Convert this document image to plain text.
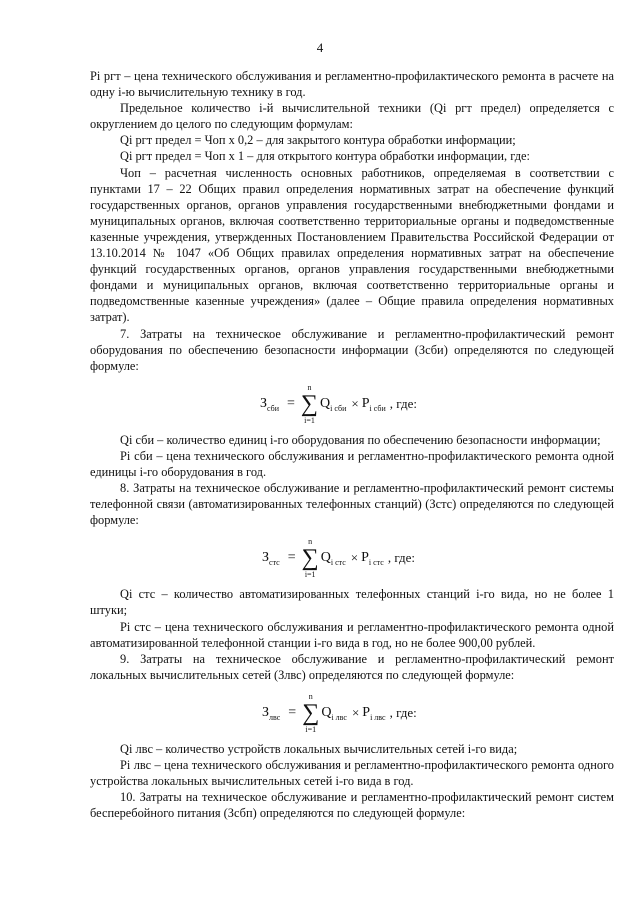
4

Pi ргт – цена технического обслуживания и регламентно-профилактического ремонта в расчете на одну i-ю вычислительную технику в год.

Предельное количество i-й вычислительной техники (Qi ргт предел) определяется с округлением до целого по следующим формулам:

Qi ргт предел = Чоп х 0,2 – для закрытого контура обработки информации;

Qi ргт предел = Чоп х 1 – для открытого контура обработки информации, где:

Чоп – расчетная численность основных работников, определяемая в соответствии с пунктами 17 – 22 Общих правил определения нормативных затрат на обеспечение функций государственных органов, органов управления государственными внебюджетными фондами и муниципальных органов, включая соответственно территориальные органы и подведомственные казенные учреждения, утвержденных Постановлением Правительства Российской Федерации от 13.10.2014 № 1047 «Об Общих правилах определения нормативных затрат на обеспечение функций государственных органов, органов управления государственными внебюджетными фондами и муниципальных органов, включая соответственно территориальные органы и подведомственные казенные учреждения» (далее – Общие правила определения нормативных затрат).

7. Затраты на техническое обслуживание и регламентно-профилактический ремонт оборудования по обеспечению безопасности информации (Зсби) определяются по следующей формуле:

З сби =
n
∑
i=1
Q i сби × P i сби , где:

Qi сби – количество единиц i-го оборудования по обеспечению безопасности информации;

Pi сби – цена технического обслуживания и регламентно-профилактического ремонта одной единицы i-го оборудования в год.

8. Затраты на техническое обслуживание и регламентно-профилактический ремонт системы телефонной связи (автоматизированных телефонных станций) (Зстс) определяются по следующей формуле:

З стс =
n
∑
i=1
Q i стс × P i стс , где:

Qi стс – количество автоматизированных телефонных станций i-го вида, но не более 1 штуки;

Pi стс – цена технического обслуживания и регламентно-профилактического ремонта одной автоматизированной телефонной станции i-го вида в год, но не более 900,00 рублей.

9. Затраты на техническое обслуживание и регламентно-профилактический ремонт локальных вычислительных сетей (Злвс) определяются по следующей формуле:

З лвс =
n
∑
i=1
Q i лвс × P i лвс , где:

Qi лвс – количество устройств локальных вычислительных сетей i-го вида;

Pi лвс – цена технического обслуживания и регламентно-профилактического ремонта одного устройства локальных вычислительных сетей i-го вида в год.

10. Затраты на техническое обслуживание и регламентно-профилактический ремонт систем бесперебойного питания (Зсбп) определяются по следующей формуле:
